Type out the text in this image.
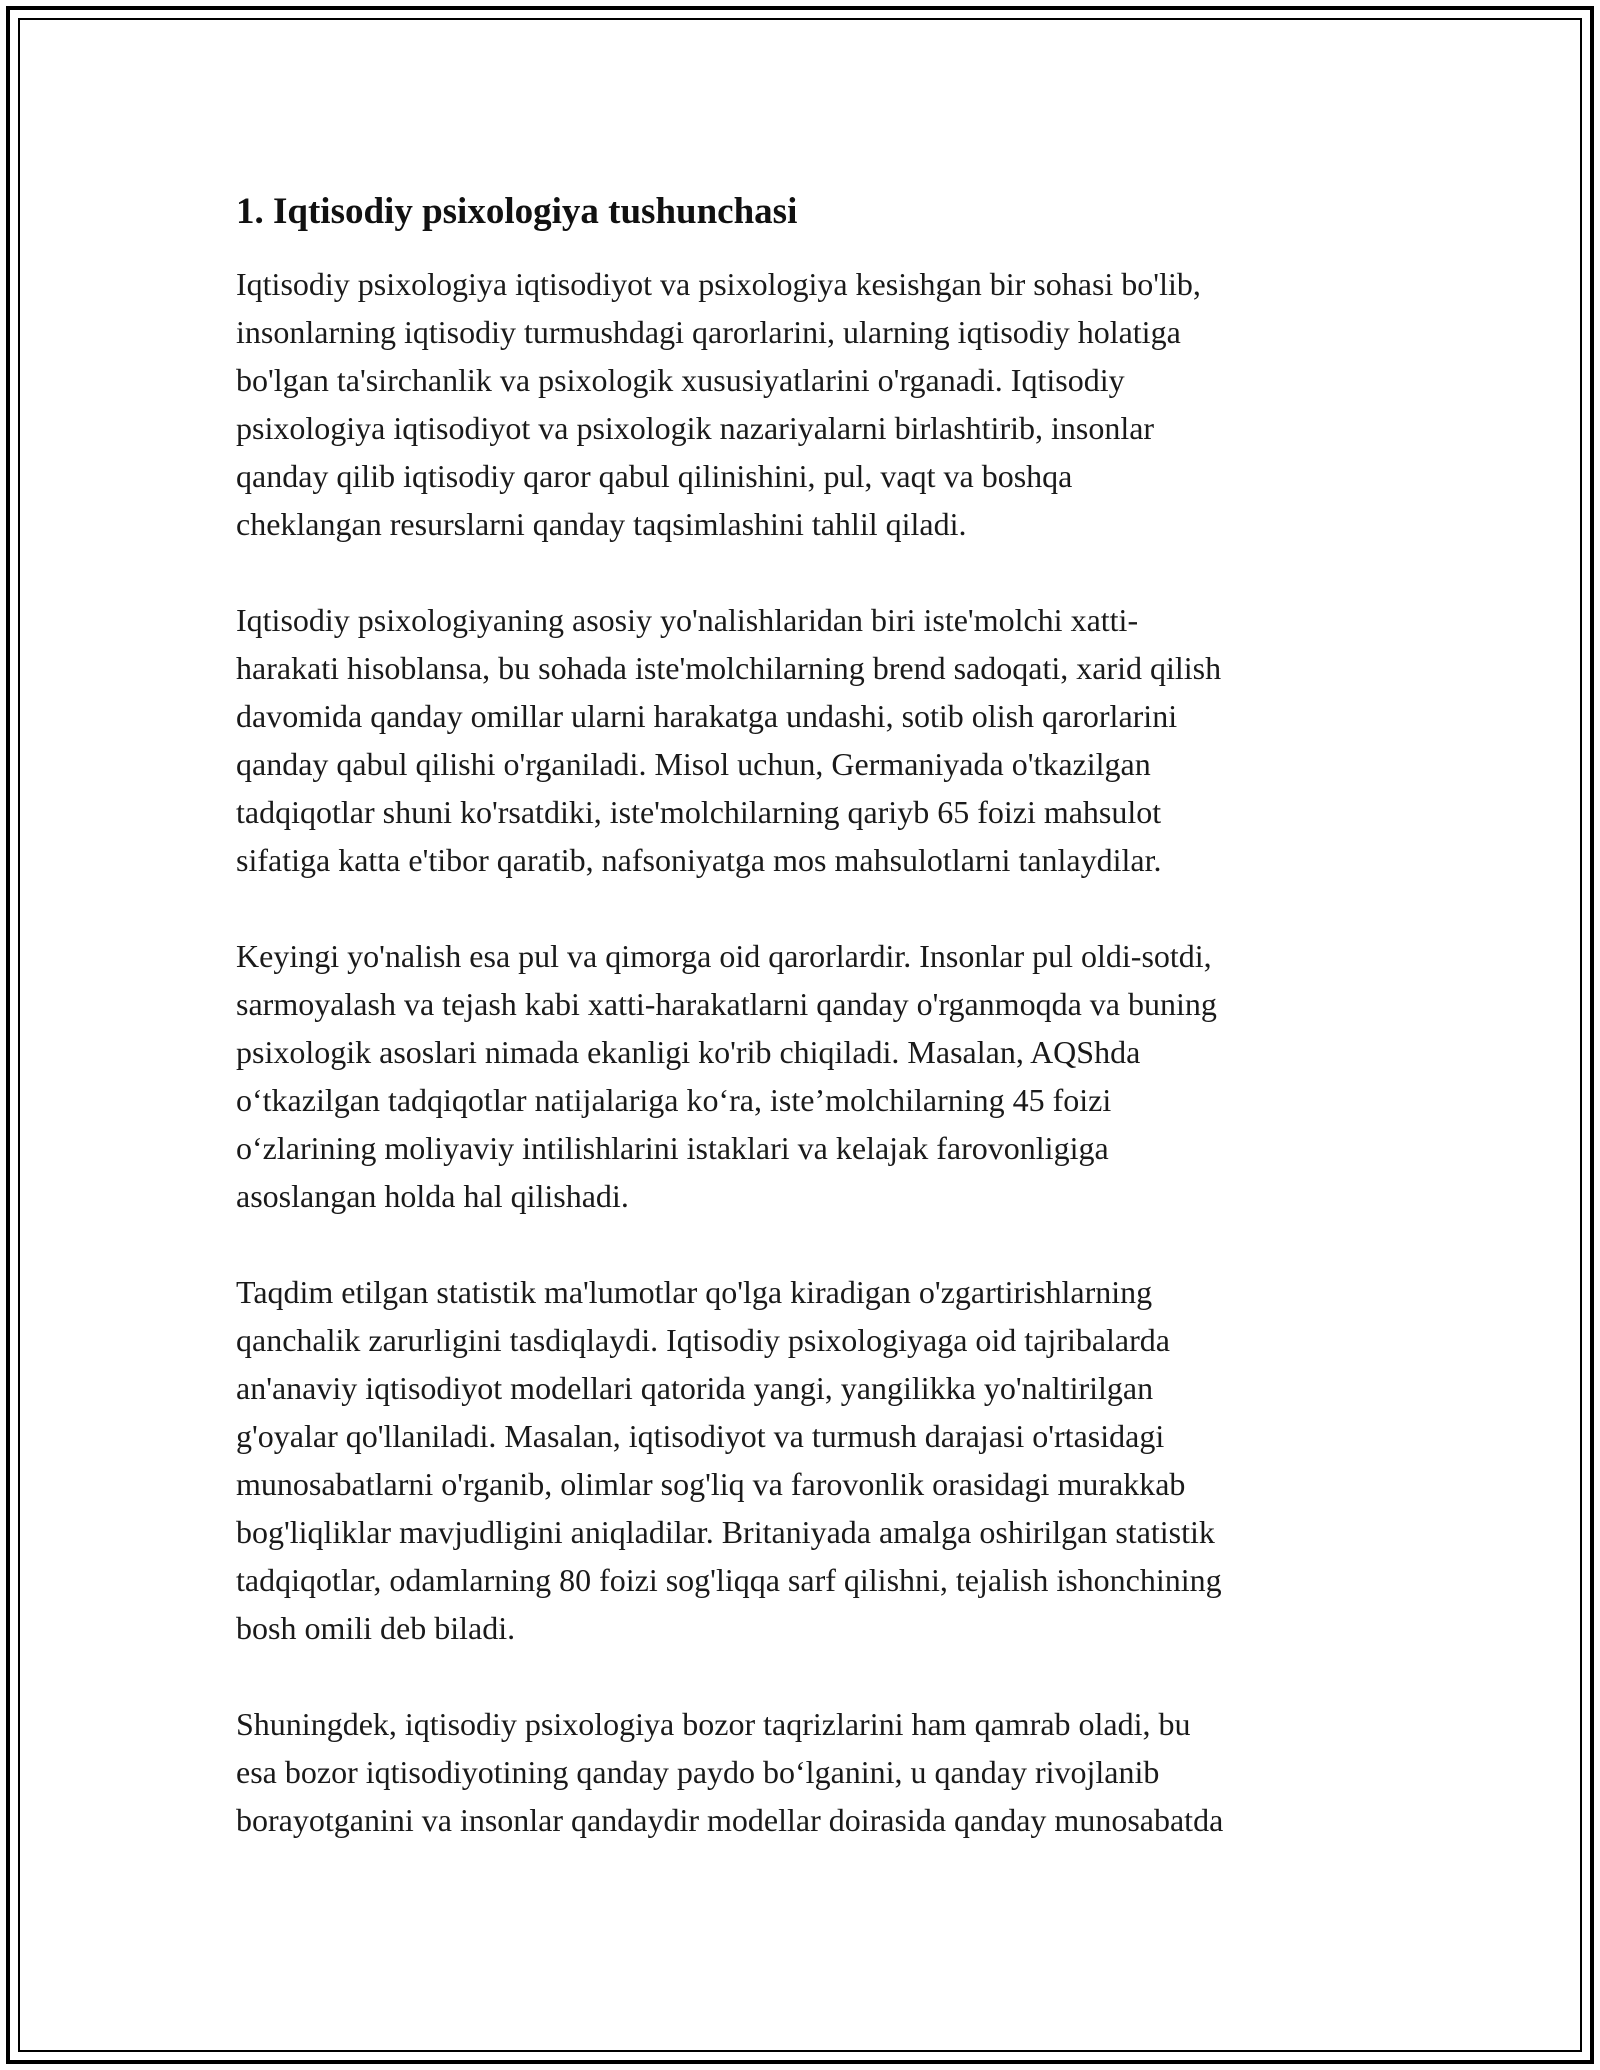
1. Iqtisodiy psixologiya tushunchasi

Iqtisodiy psixologiya iqtisodiyot va psixologiya kesishgan bir sohasi bo'lib,
insonlarning iqtisodiy turmushdagi qarorlarini, ularning iqtisodiy holatiga
bo'lgan ta'sirchanlik va psixologik xususiyatlarini o'rganadi. Iqtisodiy
psixologiya iqtisodiyot va psixologik nazariyalarni birlashtirib, insonlar
qanday qilib iqtisodiy qaror qabul qilinishini, pul, vaqt va boshqa
cheklangan resurslarni qanday taqsimlashini tahlil qiladi.

Iqtisodiy psixologiyaning asosiy yo'nalishlaridan biri iste'molchi xatti-
harakati hisoblansa, bu sohada iste'molchilarning brend sadoqati, xarid qilish
davomida qanday omillar ularni harakatga undashi, sotib olish qarorlarini
qanday qabul qilishi o'rganiladi. Misol uchun, Germaniyada o'tkazilgan
tadqiqotlar shuni ko'rsatdiki, iste'molchilarning qariyb 65 foizi mahsulot
sifatiga katta e'tibor qaratib, nafsoniyatga mos mahsulotlarni tanlaydilar.

Keyingi yo'nalish esa pul va qimorga oid qarorlardir. Insonlar pul oldi-sotdi,
sarmoyalash va tejash kabi xatti-harakatlarni qanday o'rganmoqda va buning
psixologik asoslari nimada ekanligi ko'rib chiqiladi. Masalan, AQShda
o‘tkazilgan tadqiqotlar natijalariga ko‘ra, iste’molchilarning 45 foizi
o‘zlarining moliyaviy intilishlarini istaklari va kelajak farovonligiga
asoslangan holda hal qilishadi.

Taqdim etilgan statistik ma'lumotlar qo'lga kiradigan o'zgartirishlarning
qanchalik zarurligini tasdiqlaydi. Iqtisodiy psixologiyaga oid tajribalarda
an'anaviy iqtisodiyot modellari qatorida yangi, yangilikka yo'naltirilgan
g'oyalar qo'llaniladi. Masalan, iqtisodiyot va turmush darajasi o'rtasidagi
munosabatlarni o'rganib, olimlar sog'liq va farovonlik orasidagi murakkab
bog'liqliklar mavjudligini aniqladilar. Britaniyada amalga oshirilgan statistik
tadqiqotlar, odamlarning 80 foizi sog'liqqa sarf qilishni, tejalish ishonchining
bosh omili deb biladi.

Shuningdek, iqtisodiy psixologiya bozor taqrizlarini ham qamrab oladi, bu
esa bozor iqtisodiyotining qanday paydo bo‘lganini, u qanday rivojlanib
borayotganini va insonlar qandaydir modellar doirasida qanday munosabatda
